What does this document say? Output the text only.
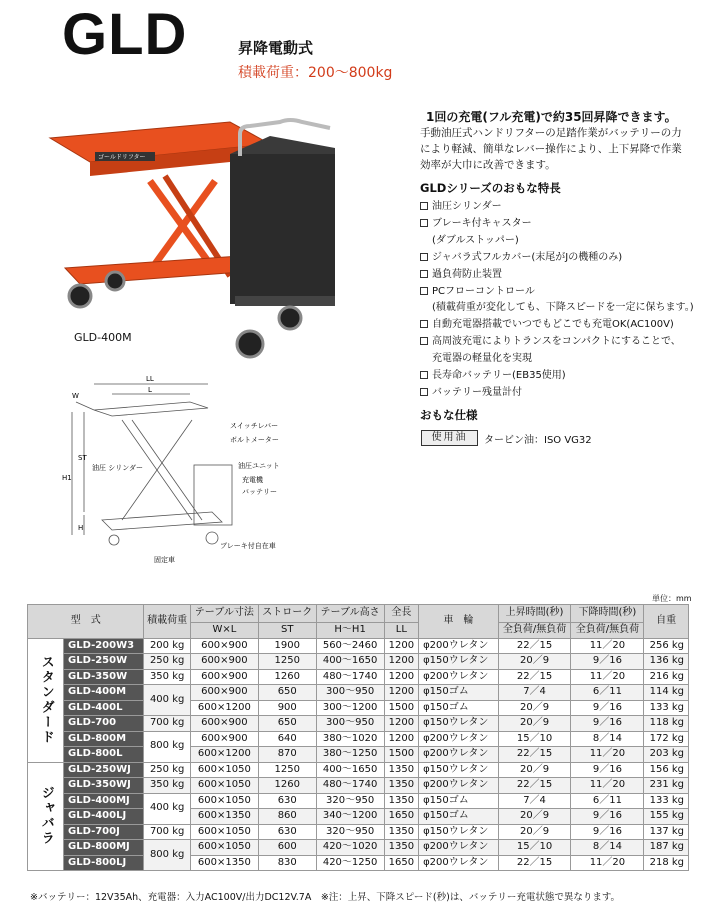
GLD	昇降電動式
積載荷重：200～800kg
ゴールドリフター
GLD-400M
1回の充電(フル充電)で約35回昇降できます。
手動油圧式ハンドリフターの足踏作業がバッテリーの力により軽減、簡単なレバー操作により、上下昇降で作業効率が大巾に改善できます。
GLDシリーズのおもな特長
油圧シリンダー
ブレーキ付キャスター
(ダブルストッパー)
ジャバラ式フルカバー(末尾がJの機種のみ)
過負荷防止装置
PCフローコントロール
(積載荷重が変化しても、下降スピードを一定に保ちます。)
自動充電器搭載でいつでもどこでも充電OK(AC100V)
高周波充電によりトランスをコンパクトにすることで、
充電器の軽量化を実現
長寿命バッテリー(EB35使用)
バッテリー残量計付
おもな仕様
使用油	タービン油：ISO VG32
LL
L
W
ST
H1
H
スイッチレバー
ボルトメーター
油圧 シリンダー	油圧ユニット
充電機
バッテリー
固定車
ブレーキ付自在車
単位：mm
型　式		積載荷重	テーブル寸法	ストローク	テーブル高さ	全長	車　輪	上昇時間(秒)	下降時間(秒)	自重
			W×L	ST	H～H1	LL		全負荷/無負荷	全負荷/無負荷	
スタンダード	GLD-200W3	200 kg	600×900	1900	560～2460	1200	φ200ウレタン	22／15	11／20	256 kg
	GLD-250W	250 kg	600×900	1250	400～1650	1200	φ150ウレタン	20／9	9／16	136 kg
	GLD-350W	350 kg	600×900	1260	480～1740	1200	φ200ウレタン	22／15	11／20	216 kg
	GLD-400M	400 kg	600×900	650	300～950	1200	φ150ゴム	7／4	6／11	114 kg
	GLD-400L		600×1200	900	300～1200	1500	φ150ゴム	20／9	9／16	133 kg
	GLD-700	700 kg	600×900	650	300～950	1200	φ150ウレタン	20／9	9／16	118 kg
	GLD-800M	800 kg	600×900	640	380～1020	1200	φ200ウレタン	15／10	8／14	172 kg
	GLD-800L		600×1200	870	380～1250	1500	φ200ウレタン	22／15	11／20	203 kg
ジャバラ	GLD-250WJ	250 kg	600×1050	1250	400～1650	1350	φ150ウレタン	20／9	9／16	156 kg
	GLD-350WJ	350 kg	600×1050	1260	480～1740	1350	φ200ウレタン	22／15	11／20	231 kg
	GLD-400MJ	400 kg	600×1050	630	320～950	1350	φ150ゴム	7／4	6／11	133 kg
	GLD-400LJ		600×1350	860	340～1200	1650	φ150ゴム	20／9	9／16	155 kg
	GLD-700J	700 kg	600×1050	630	320～950	1350	φ150ウレタン	20／9	9／16	137 kg
	GLD-800MJ	800 kg	600×1050	600	420～1020	1350	φ200ウレタン	15／10	8／14	187 kg
	GLD-800LJ		600×1350	830	420～1250	1650	φ200ウレタン	22／15	11／20	218 kg
※バッテリー：12V35Ah、充電器：入力AC100V/出力DC12V.7A　※注：上昇、下降スピード(秒)は、バッテリー充電状態で異なります。
